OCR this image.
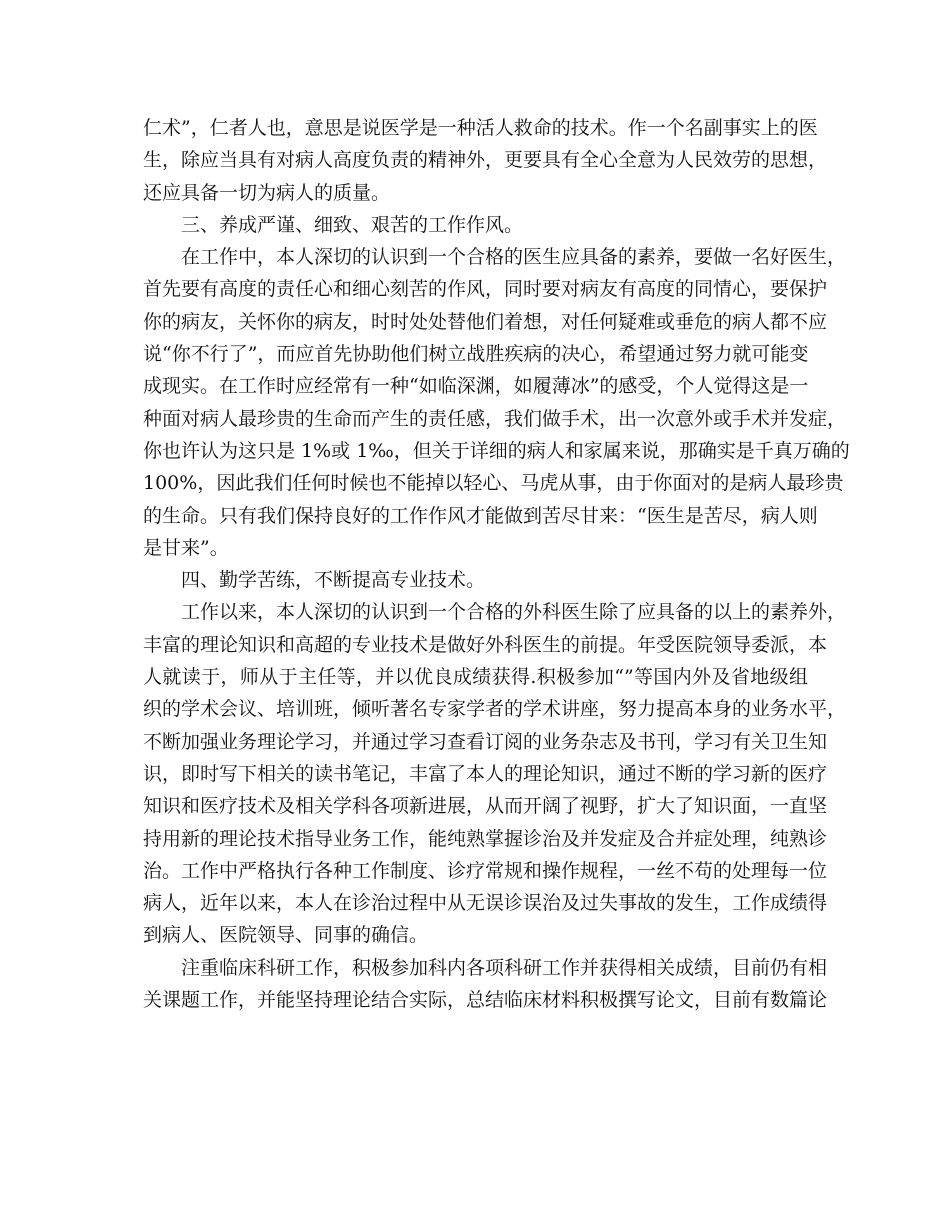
仁术”，仁者人也，意思是说医学是一种活人救命的技术。作一个名副事实上的医
生，除应当具有对病人高度负责的精神外，更要具有全心全意为人民效劳的思想，
还应具备一切为病人的质量。
三、养成严谨、细致、艰苦的工作作风。
在工作中，本人深切的认识到一个合格的医生应具备的素养，要做一名好医生，
首先要有高度的责任心和细心刻苦的作风，同时要对病友有高度的同情心，要保护
你的病友，关怀你的病友，时时处处替他们着想，对任何疑难或垂危的病人都不应
说“你不行了”，而应首先协助他们树立战胜疾病的决心，希望通过努力就可能变
成现实。在工作时应经常有一种“如临深渊，如履薄冰”的感受，个人觉得这是一
种面对病人最珍贵的生命而产生的责任感，我们做手术，出一次意外或手术并发症，
你也许认为这只是 1%或 1‰，但关于详细的病人和家属来说，那确实是千真万确的
100%，因此我们任何时候也不能掉以轻心、马虎从事，由于你面对的是病人最珍贵
的生命。只有我们保持良好的工作作风才能做到苦尽甘来：“医生是苦尽，病人则
是甘来”。
四、勤学苦练，不断提高专业技术。
工作以来，本人深切的认识到一个合格的外科医生除了应具备的以上的素养外，
丰富的理论知识和高超的专业技术是做好外科医生的前提。年受医院领导委派，本
人就读于，师从于主任等，并以优良成绩获得.积极参加“”等国内外及省地级组
织的学术会议、培训班，倾听著名专家学者的学术讲座，努力提高本身的业务水平，
不断加强业务理论学习，并通过学习查看订阅的业务杂志及书刊，学习有关卫生知
识，即时写下相关的读书笔记，丰富了本人的理论知识，通过不断的学习新的医疗
知识和医疗技术及相关学科各项新进展，从而开阔了视野，扩大了知识面，一直坚
持用新的理论技术指导业务工作，能纯熟掌握诊治及并发症及合并症处理，纯熟诊
治。工作中严格执行各种工作制度、诊疗常规和操作规程，一丝不苟的处理每一位
病人，近年以来，本人在诊治过程中从无误诊误治及过失事故的发生，工作成绩得
到病人、医院领导、同事的确信。
注重临床科研工作，积极参加科内各项科研工作并获得相关成绩，目前仍有相
关课题工作，并能坚持理论结合实际，总结临床材料积极撰写论文，目前有数篇论
